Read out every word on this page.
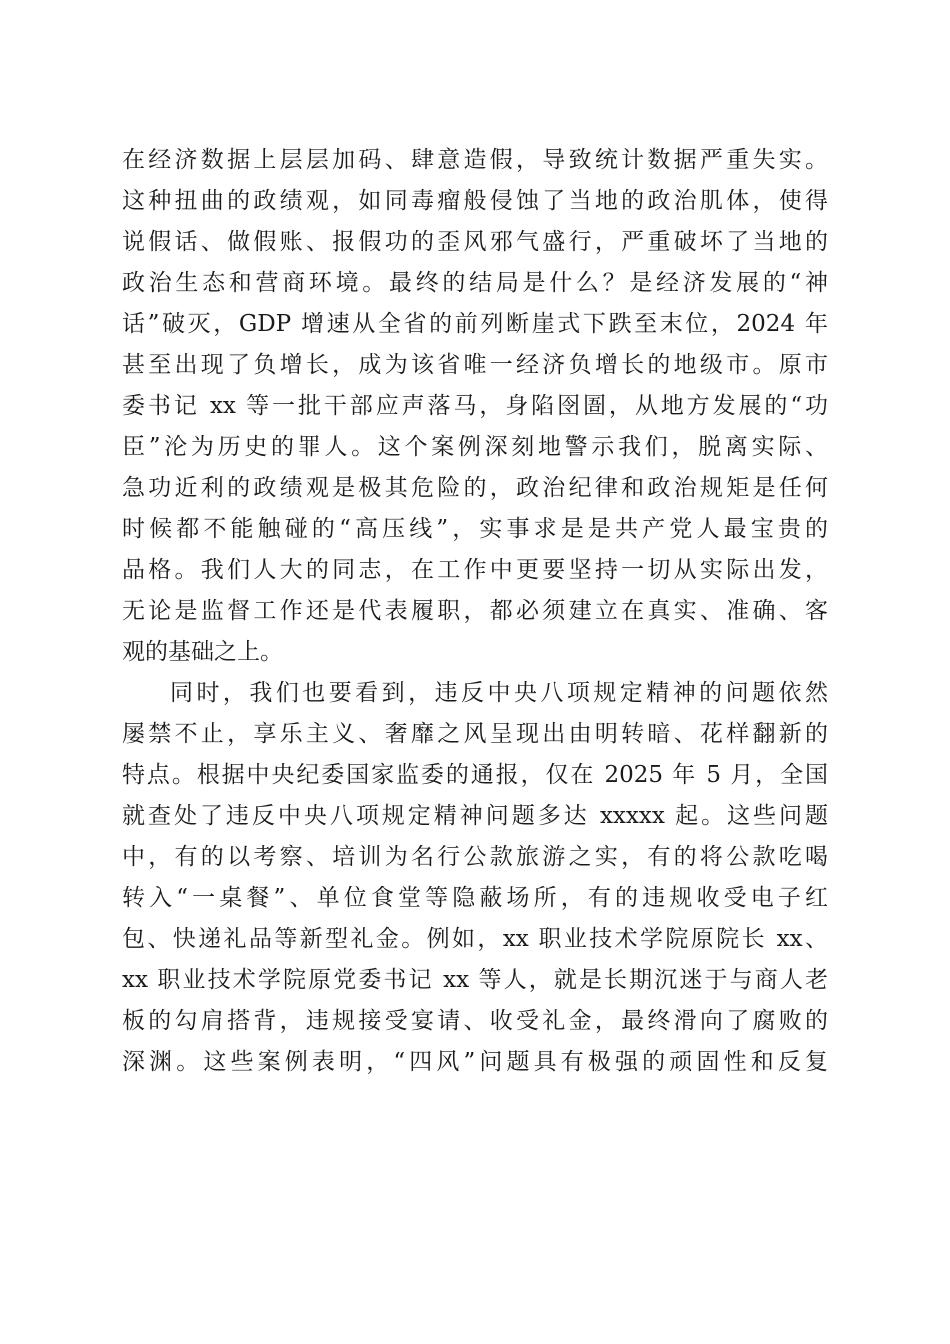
在经济数据上层层加码、肆意造假，导致统计数据严重失实。
这种扭曲的政绩观，如同毒瘤般侵蚀了当地的政治肌体，使得
说假话、做假账、报假功的歪风邪气盛行，严重破坏了当地的
政治生态和营商环境。最终的结局是什么？是经济发展的“神
话”破灭，GDP 增速从全省的前列断崖式下跌至末位，2024 年
甚至出现了负增长，成为该省唯一经济负增长的地级市。原市
委书记 xx 等一批干部应声落马，身陷囹圄，从地方发展的“功
臣”沦为历史的罪人。这个案例深刻地警示我们，脱离实际、
急功近利的政绩观是极其危险的，政治纪律和政治规矩是任何
时候都不能触碰的“高压线”，实事求是是共产党人最宝贵的
品格。我们人大的同志，在工作中更要坚持一切从实际出发，
无论是监督工作还是代表履职，都必须建立在真实、准确、客
观的基础之上。
同时，我们也要看到，违反中央八项规定精神的问题依然
屡禁不止，享乐主义、奢靡之风呈现出由明转暗、花样翻新的
特点。根据中央纪委国家监委的通报，仅在 2025 年 5 月，全国
就查处了违反中央八项规定精神问题多达 xxxxx 起。这些问题
中，有的以考察、培训为名行公款旅游之实，有的将公款吃喝
转入“一桌餐”、单位食堂等隐蔽场所，有的违规收受电子红
包、快递礼品等新型礼金。例如，xx 职业技术学院原院长 xx、
xx 职业技术学院原党委书记 xx 等人，就是长期沉迷于与商人老
板的勾肩搭背，违规接受宴请、收受礼金，最终滑向了腐败的
深渊。这些案例表明，“四风”问题具有极强的顽固性和反复
